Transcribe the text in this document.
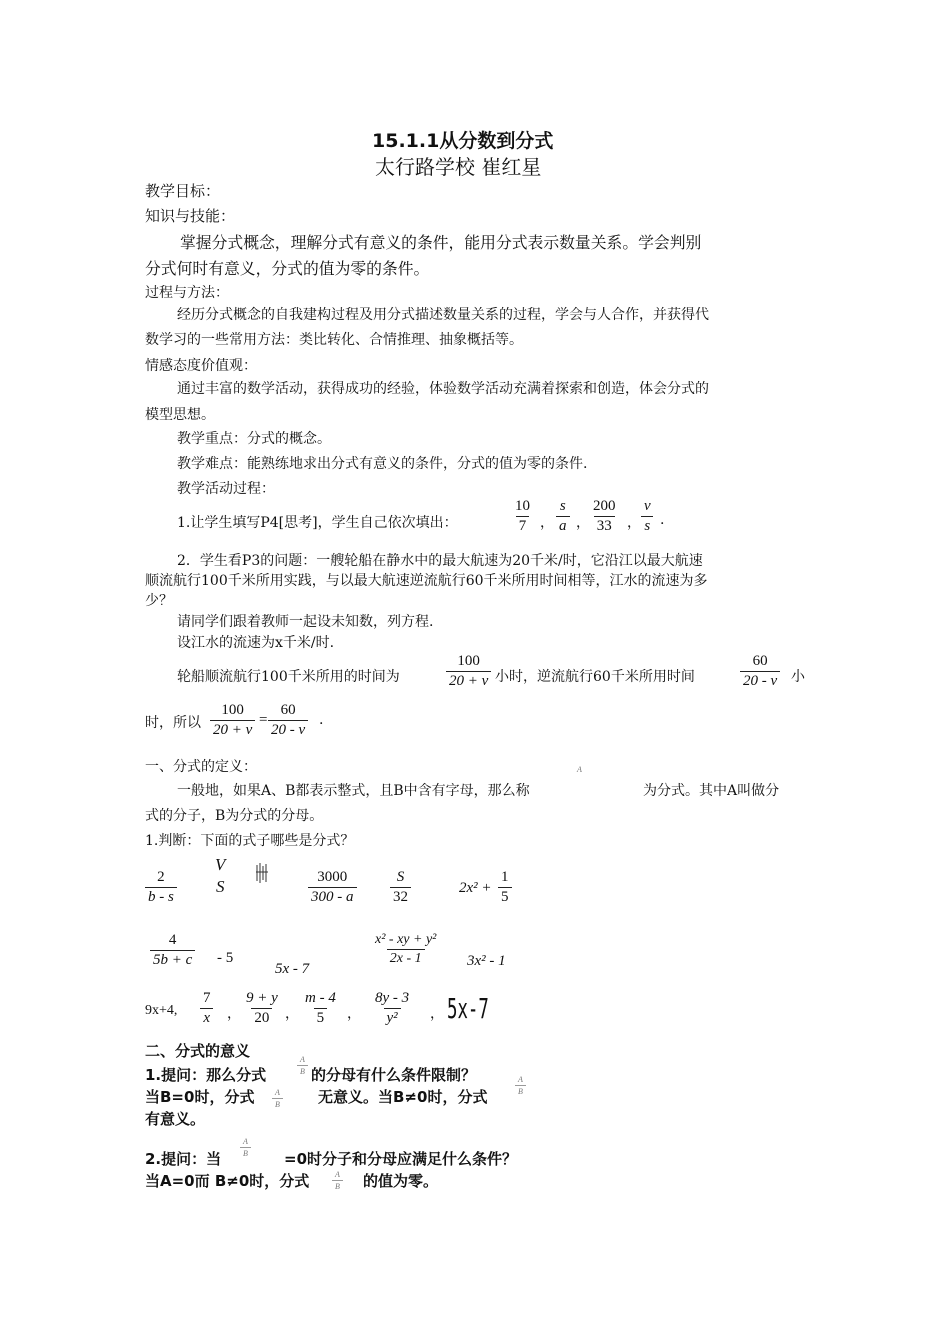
15.1.1从分数到分式
太行路学校 崔红星
教学目标：
知识与技能：
掌握分式概念，理解分式有意义的条件，能用分式表示数量关系。学会判别
分式何时有意义，分式的值为零的条件。
过程与方法：
经历分式概念的自我建构过程及用分式描述数量关系的过程，学会与人合作，并获得代
数学习的一些常用方法：类比转化、合情推理、抽象概括等。
情感态度价值观：
通过丰富的数学活动，获得成功的经验，体验数学活动充满着探索和创造，体会分式的
模型思想。
教学重点：分式的概念。
教学难点：能熟练地求出分式有意义的条件，分式的值为零的条件.
教学活动过程：
1.让学生填写P4[思考]，学生自己依次填出：	$\frac{10}{7}$ ， $\frac{s}{a}$ ， $\frac{200}{33}$ ， $\frac{v}{s}$ .
2．学生看P3的问题：一艘轮船在静水中的最大航速为20千米/时，它沿江以最大航速
顺流航行100千米所用实践，与以最大航速逆流航行60千米所用时间相等，江水的流速为多
少？
请同学们跟着教师一起设未知数，列方程.
设江水的流速为x千米/时.
轮船顺流航行100千米所用的时间为	$\frac{100}{20 + v}$ 小时，逆流航行60千米所用时间	$\frac{60}{20 - v}$ 小
时，所以 $\frac{100}{20 + v} = \frac{60}{20 - v}$ .
一、分式的定义：
一般地，如果A、B都表示整式，且B中含有字母，那么称
A
为分式。其中A叫做分
式的分子，B为分式的分母。
1.判断：下面的式子哪些是分式？
$\frac{2}{b - s}$
V
S	$\frac{3000}{300 - a} \frac{S}{32}$	$2x^2 + \frac{1}{5}$
$\frac{4}{5b + c} - 5$
5x - 7
$\frac{\text{x² - xy + y²}}{2x - 1} 3x^2 - 1$
9x+4, $\frac{7}{x}$ ， $\frac{9 + y}{20}$ ， $\frac{m - 4}{5}$ ， $\frac{8y - 3}{\text{y²}}$ ， 5x-7
二、分式的意义
1.提问：那么分式	$\frac{A}{B}$ 的分母有什么条件限制？
当B=0时，分式 $\frac{A}{B}$ 无意义。当B≠0时，分式
$\frac{A}{B}$
有意义。
2.提问：当
$\frac{A}{B}$
=0时分子和分母应满足什么条件？
当A=0而 B≠0时，分式	$\frac{A}{B}$ 的值为零。
